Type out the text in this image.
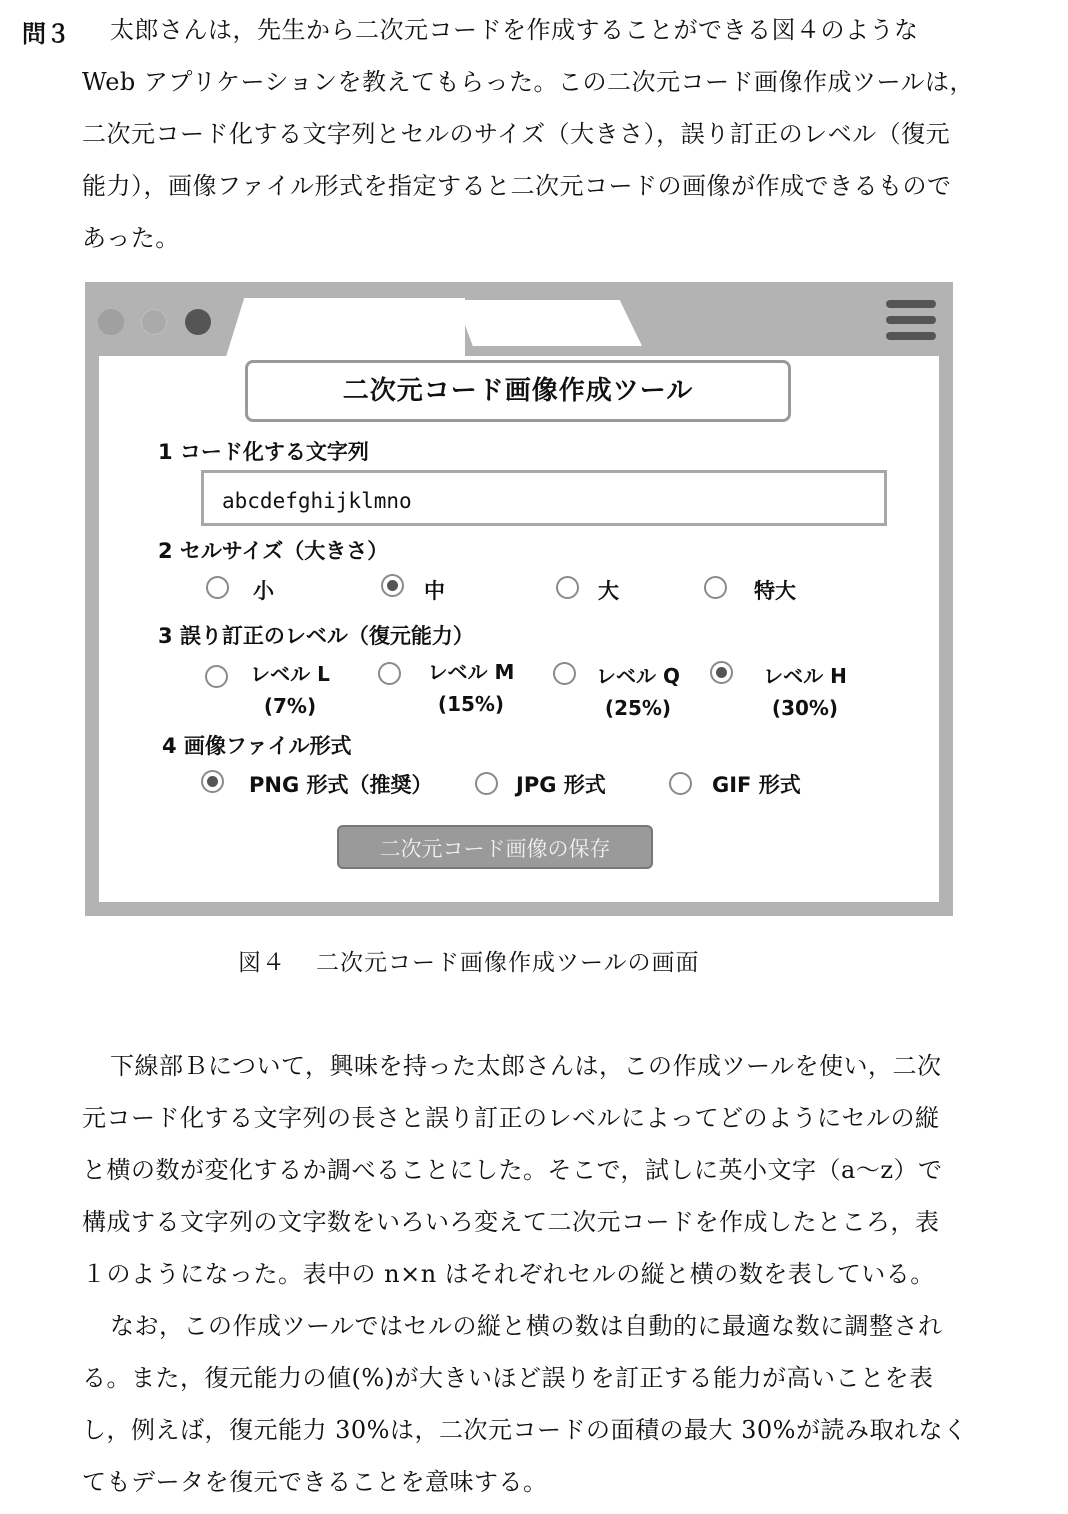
問３	太郎さんは，先生から二次元コードを作成することができる図４のような
Web アプリケーションを教えてもらった。この二次元コード画像作成ツールは，
二次元コード化する文字列とセルのサイズ（大きさ），誤り訂正のレベル（復元
能力），画像ファイル形式を指定すると二次元コードの画像が作成できるもので
あった。
二次元コード画像作成ツール
1 コード化する文字列
abcdefghijklmno
2 セルサイズ（大きさ）
小	中	大	特大
3 誤り訂正のレベル（復元能力）
レベル L
(7%)
レベル M
(15%)
レベル Q
(25%)
レベル H
(30%)
4 画像ファイル形式
PNG 形式（推奨）	JPG 形式	GIF 形式
二次元コード画像の保存
図４ 二次元コード画像作成ツールの画面
下線部Ｂについて，興味を持った太郎さんは，この作成ツールを使い，二次
元コード化する文字列の長さと誤り訂正のレベルによってどのようにセルの縦
と横の数が変化するか調べることにした。そこで，試しに英小文字（a～z）で
構成する文字列の文字数をいろいろ変えて二次元コードを作成したところ，表
１のようになった。表中の n×n はそれぞれセルの縦と横の数を表している。
なお，この作成ツールではセルの縦と横の数は自動的に最適な数に調整され
る。また，復元能力の値(%)が大きいほど誤りを訂正する能力が高いことを表
し，例えば，復元能力 30%は，二次元コードの面積の最大 30%が読み取れなく
てもデータを復元できることを意味する。
